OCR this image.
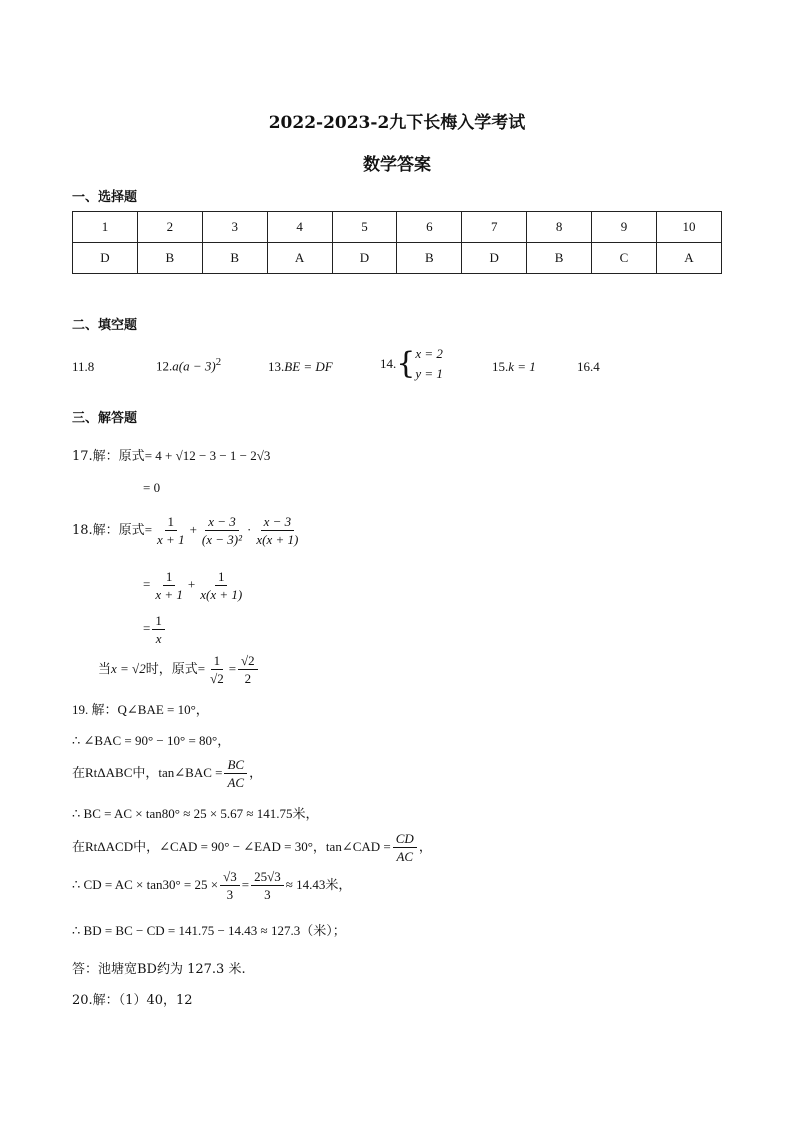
2022-2023-2九下长梅入学考试
数学答案
一、选择题
1	2	3	4	5	6	7	8	9	10
D	B	B	A	D	B	D	B	C	A
二、填空题
11.8	$12.a(a - 3)^2$	13.BE = DF	14.{ x = 2
y = 1	15.k = 1	16.4
三、解答题
17.解：原式= 4 + √12 − 3 − 1 − 2√3
= 0
18.解：原式= $\frac{1}{x + 1} + \frac{x - 3}{\text{(x − 3)²}} \cdot \frac{x - 3}{x(x + 1)}$
= $\frac{1}{x + 1} + \frac{1}{x(x + 1)}$
= $\frac{1}{x}$
当x = √2时，原式= $\frac{1}{√2} = \frac{√2}{2}$
19. 解：Q∠BAE = 10°，
∴ ∠BAC = 90° − 10° = 80°，
在RtΔABC中，tan∠BAC = $\frac{BC}{AC}$ ，
∴ BC = AC × tan80° ≈ 25 × 5.67 ≈ 141.75米，
在RtΔACD中，∠CAD = 90° − ∠EAD = 30°，tan∠CAD = $\frac{CD}{AC}$ ，
∴ CD = AC × $\tan 30^\circ = 25 \times \frac{√3}{3} = \frac{25√3}{3} \approx 14.43$米，
∴ BD = BC − CD = 141.75 − 14.43 ≈ 127.3（米）；
答：池塘宽BD约为 127.3 米.
20.解：（1）40，12
